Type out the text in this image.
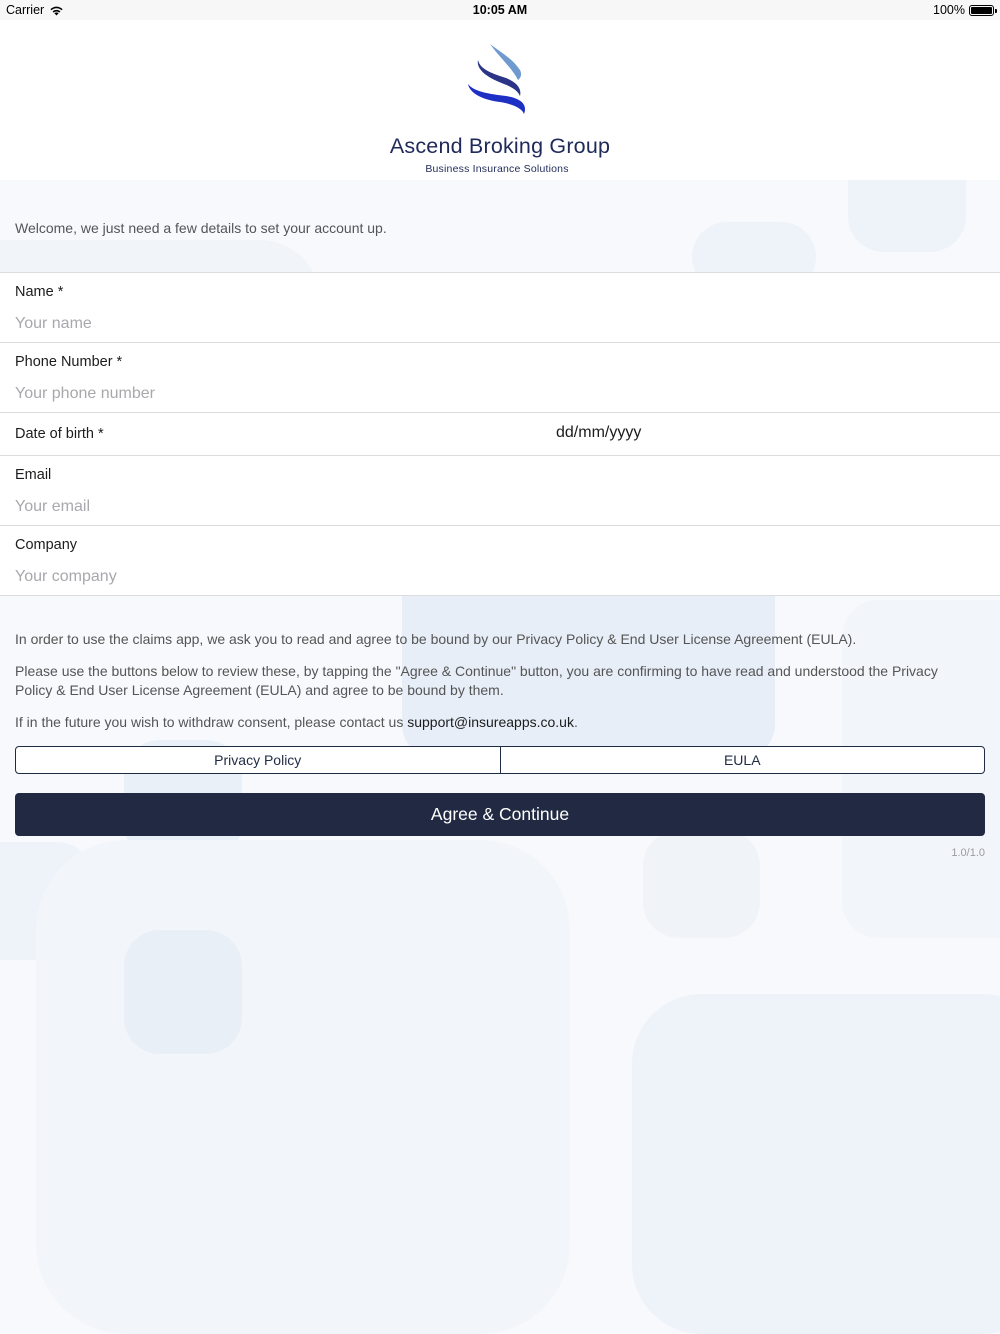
Carrier	10:05 AM	100%
Ascend Broking Group
Business Insurance Solutions
Welcome, we just need a few details to set your account up.
Name *
Your name
Phone Number *
Your phone number
Date of birth *
dd/mm/yyyy
Email
Your email
Company
Your company

In order to use the claims app, we ask you to read and agree to be bound by our Privacy Policy & End User License Agreement (EULA).

Please use the buttons below to review these, by tapping the "Agree & Continue" button, you are confirming to have read and understood the Privacy Policy & End User License Agreement (EULA) and agree to be bound by them.

If in the future you wish to withdraw consent, please contact us support@insureapps.co.uk.

Privacy Policy	EULA
Agree & Continue
1.0/1.0
